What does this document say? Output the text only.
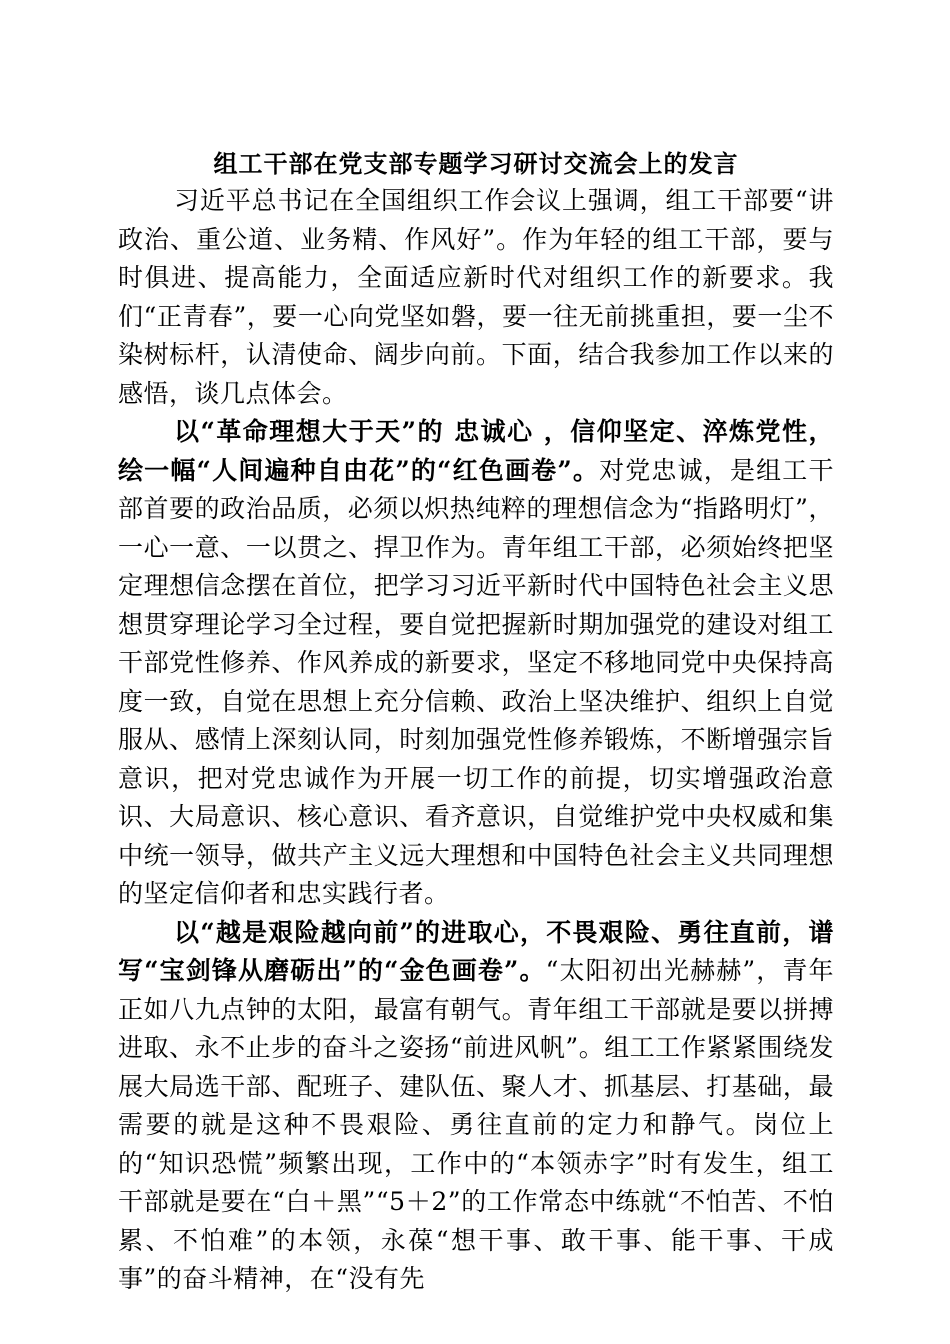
组工干部在党支部专题学习研讨交流会上的发言

习近平总书记在全国组织工作会议上强调，组工干部要“讲政治、重公道、业务精、作风好”。作为年轻的组工干部，要与时俱进、提高能力，全面适应新时代对组织工作的新要求。我们“正青春”，要一心向党坚如磐，要一往无前挑重担，要一尘不染树标杆，认清使命、阔步向前。下面，结合我参加工作以来的感悟，谈几点体会。

以“革命理想大于天”的 忠诚心 ，信仰坚定、淬炼党性，绘一幅“人间遍种自由花”的“红色画卷”。对党忠诚，是组工干部首要的政治品质，必须以炽热纯粹的理想信念为“指路明灯”，一心一意、一以贯之、捍卫作为。青年组工干部，必须始终把坚定理想信念摆在首位，把学习习近平新时代中国特色社会主义思想贯穿理论学习全过程，要自觉把握新时期加强党的建设对组工干部党性修养、作风养成的新要求，坚定不移地同党中央保持高度一致，自觉在思想上充分信赖、政治上坚决维护、组织上自觉服从、感情上深刻认同，时刻加强党性修养锻炼，不断增强宗旨意识，把对党忠诚作为开展一切工作的前提，切实增强政治意识、大局意识、核心意识、看齐意识，自觉维护党中央权威和集中统一领导，做共产主义远大理想和中国特色社会主义共同理想的坚定信仰者和忠实践行者。

以“越是艰险越向前”的进取心，不畏艰险、勇往直前，谱写“宝剑锋从磨砺出”的“金色画卷”。“太阳初出光赫赫”，青年正如八九点钟的太阳，最富有朝气。青年组工干部就是要以拼搏进取、永不止步的奋斗之姿扬“前进风帆”。组工工作紧紧围绕发展大局选干部、配班子、建队伍、聚人才、抓基层、打基础，最需要的就是这种不畏艰险、勇往直前的定力和静气。岗位上的“知识恐慌”频繁出现，工作中的“本领赤字”时有发生，组工干部就是要在“白＋黑”“5＋2”的工作常态中练就“不怕苦、不怕累、不怕难”的本领，永葆“想干事、敢干事、能干事、干成事”的奋斗精神，在“没有先
